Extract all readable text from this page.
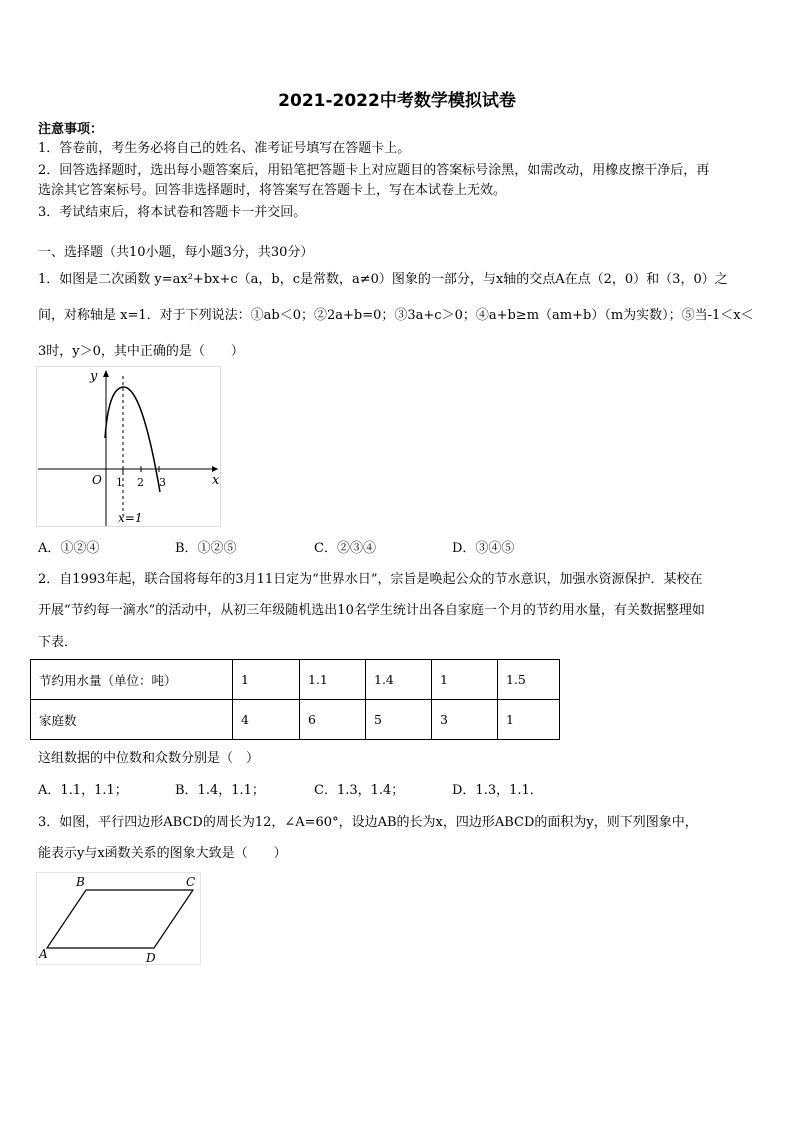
2021-2022中考数学模拟试卷
注意事项：
1．答卷前，考生务必将自己的姓名、准考证号填写在答题卡上。
2．回答选择题时，选出每小题答案后，用铅笔把答题卡上对应题目的答案标号涂黑，如需改动，用橡皮擦干净后，再
选涂其它答案标号。回答非选择题时，将答案写在答题卡上，写在本试卷上无效。
3．考试结束后，将本试卷和答题卡一并交回。
一、选择题（共10小题，每小题3分，共30分）
1．如图是二次函数 y=ax²+bx+c（a，b，c是常数，a≠0）图象的一部分，与x轴的交点A在点（2，0）和（3，0）之
间，对称轴是 x=1．对于下列说法：①ab＜0；②2a+b=0；③3a+c＞0；④a+b≥m（am+b）（m为实数）；⑤当-1＜x＜
3时，y＞0，其中正确的是（　　）
y
x
O 1 2 3
x=1
A．①②④	B．①②⑤	C．②③④	D．③④⑤
2．自1993年起，联合国将每年的3月11日定为“世界水日”，宗旨是唤起公众的节水意识，加强水资源保护．某校在
开展“节约每一滴水”的活动中，从初三年级随机选出10名学生统计出各自家庭一个月的节约用水量，有关数据整理如
下表．
节约用水量（单位：吨）	1	1.1	1.4	1	1.5
家庭数	4	6	5	3	1
这组数据的中位数和众数分别是（　）
A．1.1，1.1；	B．1.4，1.1；	C．1.3，1.4；	D．1.3，1.1．
3．如图，平行四边形ABCD的周长为12，∠A=60°，设边AB的长为x，四边形ABCD的面积为y，则下列图象中，
能表示y与x函数关系的图象大致是（　　）
A
B	C
D
